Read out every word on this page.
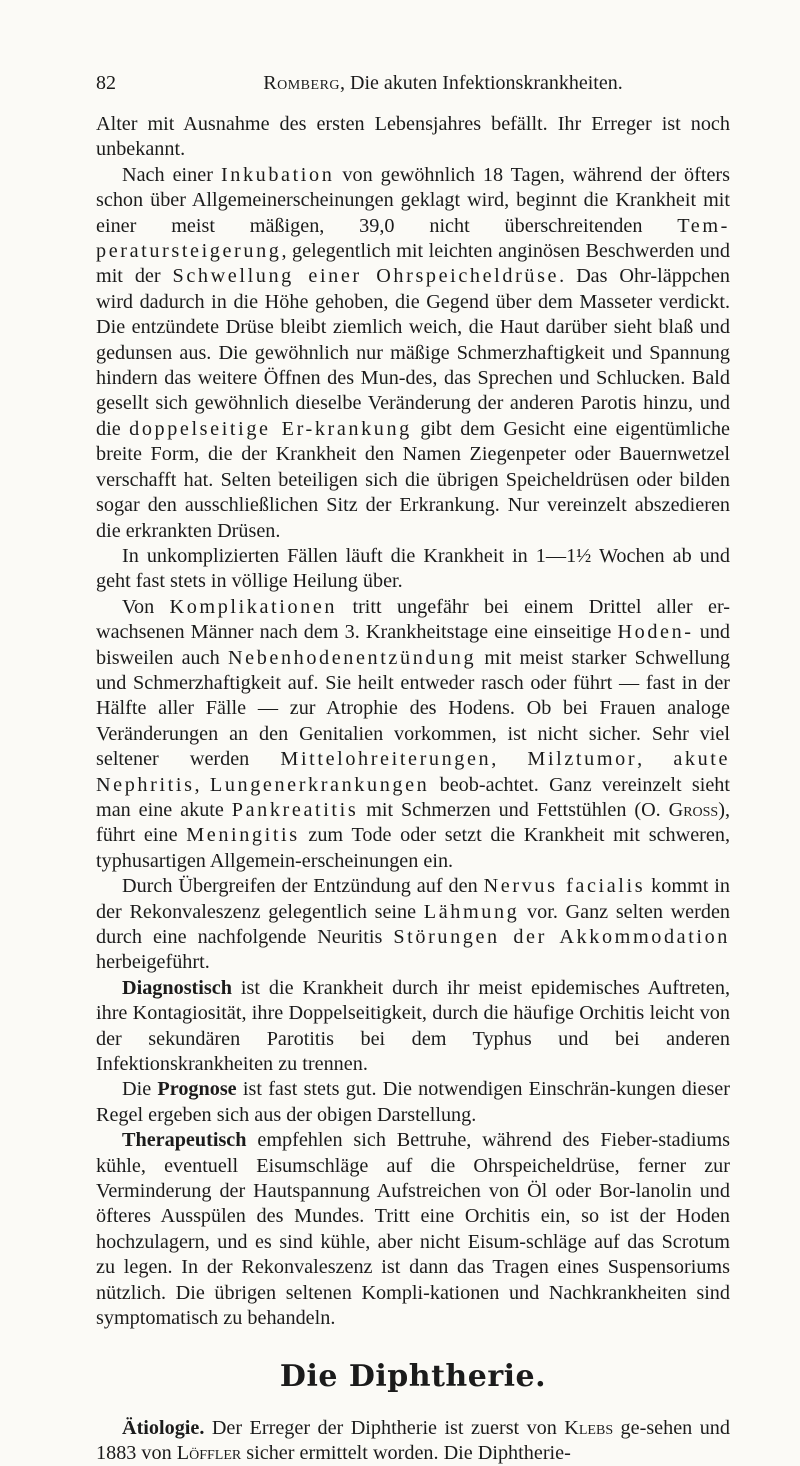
82	Romberg, Die akuten Infektionskrankheiten.

Alter mit Ausnahme des ersten Lebensjahres befällt. Ihr Erreger ist noch unbekannt.

Nach einer Inkubation von gewöhnlich 18 Tagen, während der öfters schon über Allgemeinerscheinungen geklagt wird, beginnt die Krankheit mit einer meist mäßigen, 39,0 nicht überschreitenden Tem-peratursteigerung, gelegentlich mit leichten anginösen Beschwerden und mit der Schwellung einer Ohrspeicheldrüse. Das Ohr-läppchen wird dadurch in die Höhe gehoben, die Gegend über dem Masseter verdickt. Die entzündete Drüse bleibt ziemlich weich, die Haut darüber sieht blaß und gedunsen aus. Die gewöhnlich nur mäßige Schmerzhaftigkeit und Spannung hindern das weitere Öffnen des Mun-des, das Sprechen und Schlucken. Bald gesellt sich gewöhnlich dieselbe Veränderung der anderen Parotis hinzu, und die doppelseitige Er-krankung gibt dem Gesicht eine eigentümliche breite Form, die der Krankheit den Namen Ziegenpeter oder Bauernwetzel verschafft hat. Selten beteiligen sich die übrigen Speicheldrüsen oder bilden sogar den ausschließlichen Sitz der Erkrankung. Nur vereinzelt abszedieren die erkrankten Drüsen.

In unkomplizierten Fällen läuft die Krankheit in 1—1½ Wochen ab und geht fast stets in völlige Heilung über.

Von Komplikationen tritt ungefähr bei einem Drittel aller er-wachsenen Männer nach dem 3. Krankheitstage eine einseitige Hoden- und bisweilen auch Nebenhodenentzündung mit meist starker Schwellung und Schmerzhaftigkeit auf. Sie heilt entweder rasch oder führt — fast in der Hälfte aller Fälle — zur Atrophie des Hodens. Ob bei Frauen analoge Veränderungen an den Genitalien vorkommen, ist nicht sicher. Sehr viel seltener werden Mittelohreiterungen, Milztumor, akute Nephritis, Lungenerkrankungen beob-achtet. Ganz vereinzelt sieht man eine akute Pankreatitis mit Schmerzen und Fettstühlen (O. Gross), führt eine Meningitis zum Tode oder setzt die Krankheit mit schweren, typhusartigen Allgemein-erscheinungen ein.

Durch Übergreifen der Entzündung auf den Nervus facialis kommt in der Rekonvaleszenz gelegentlich seine Lähmung vor. Ganz selten werden durch eine nachfolgende Neuritis Störungen der Akkommodation herbeigeführt.

Diagnostisch ist die Krankheit durch ihr meist epidemisches Auftreten, ihre Kontagiosität, ihre Doppelseitigkeit, durch die häufige Orchitis leicht von der sekundären Parotitis bei dem Typhus und bei anderen Infektionskrankheiten zu trennen.

Die Prognose ist fast stets gut. Die notwendigen Einschrän-kungen dieser Regel ergeben sich aus der obigen Darstellung.

Therapeutisch empfehlen sich Bettruhe, während des Fieber-stadiums kühle, eventuell Eisumschläge auf die Ohrspeicheldrüse, ferner zur Verminderung der Hautspannung Aufstreichen von Öl oder Bor-lanolin und öfteres Ausspülen des Mundes. Tritt eine Orchitis ein, so ist der Hoden hochzulagern, und es sind kühle, aber nicht Eisum-schläge auf das Scrotum zu legen. In der Rekonvaleszenz ist dann das Tragen eines Suspensoriums nützlich. Die übrigen seltenen Kompli-kationen und Nachkrankheiten sind symptomatisch zu behandeln.

Die Diphtherie.

Ätiologie. Der Erreger der Diphtherie ist zuerst von Klebs ge-sehen und 1883 von Löffler sicher ermittelt worden. Die Diphtherie-
